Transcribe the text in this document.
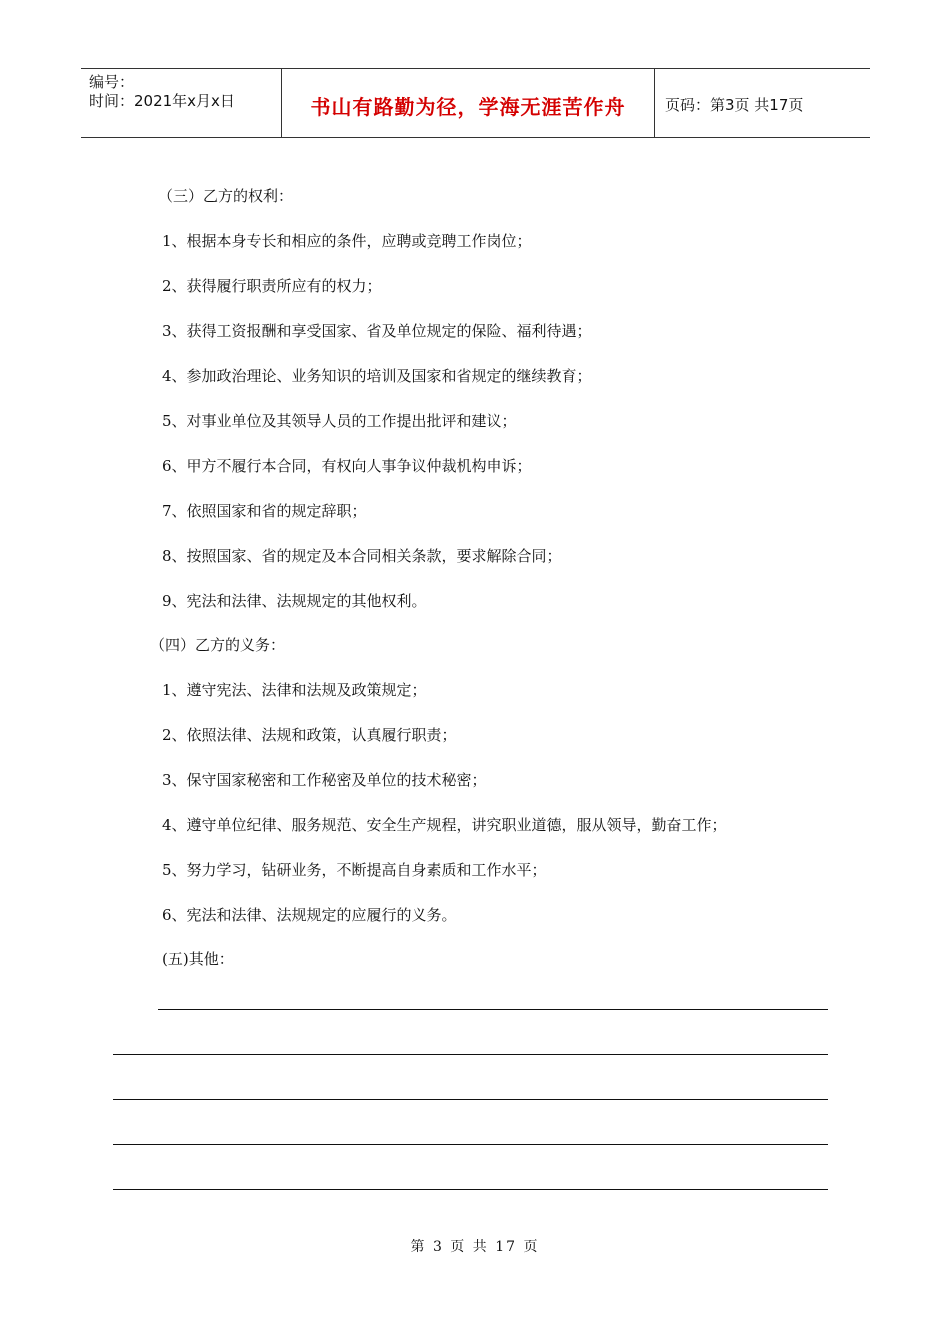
编号：
时间：2021年x月x日	书山有路勤为径，学海无涯苦作舟	页码：第3页 共17页
（三）乙方的权利：
1、根据本身专长和相应的条件，应聘或竞聘工作岗位；
2、获得履行职责所应有的权力；
3、获得工资报酬和享受国家、省及单位规定的保险、福利待遇；
4、参加政治理论、业务知识的培训及国家和省规定的继续教育；
5、对事业单位及其领导人员的工作提出批评和建议；
6、甲方不履行本合同，有权向人事争议仲裁机构申诉；
7、依照国家和省的规定辞职；
8、按照国家、省的规定及本合同相关条款，要求解除合同；
9、宪法和法律、法规规定的其他权利。
（四）乙方的义务：
1、遵守宪法、法律和法规及政策规定；
2、依照法律、法规和政策，认真履行职责；
3、保守国家秘密和工作秘密及单位的技术秘密；
4、遵守单位纪律、服务规范、安全生产规程，讲究职业道德，服从领导，勤奋工作；
5、努力学习，钻研业务，不断提高自身素质和工作水平；
6、宪法和法律、法规规定的应履行的义务。
(五)其他：
第 3 页 共 17 页
